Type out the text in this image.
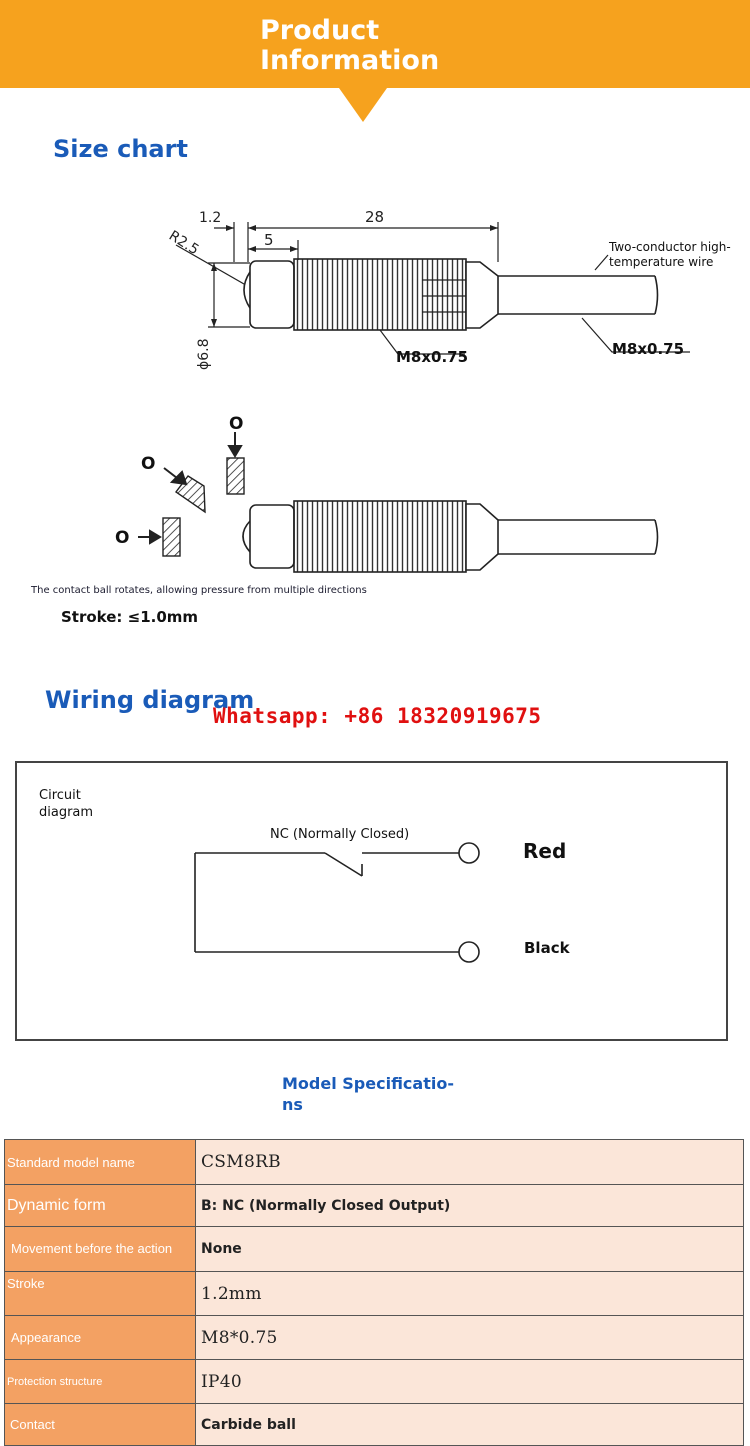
Product Information
Size chart
1.2	28
5
R2.5
ϕ6.8	M8x0.75	M8x0.75
Two-conductor high-
temperature wire
O
O
O
The contact ball rotates, allowing pressure from multiple directions
Stroke: ≤1.0mm
Wiring diagram
Whatsapp: +86 18320919675
Circuit
diagram
NC (Normally Closed)
Red
Black
Model Specificatio-
ns
Standard model name	CSM8RB
Dynamic form	B: NC (Normally Closed Output)
Movement before the action	None
Stroke	1.2mm
Appearance	M8*0.75
Protection structure	IP40
Contact	Carbide ball
